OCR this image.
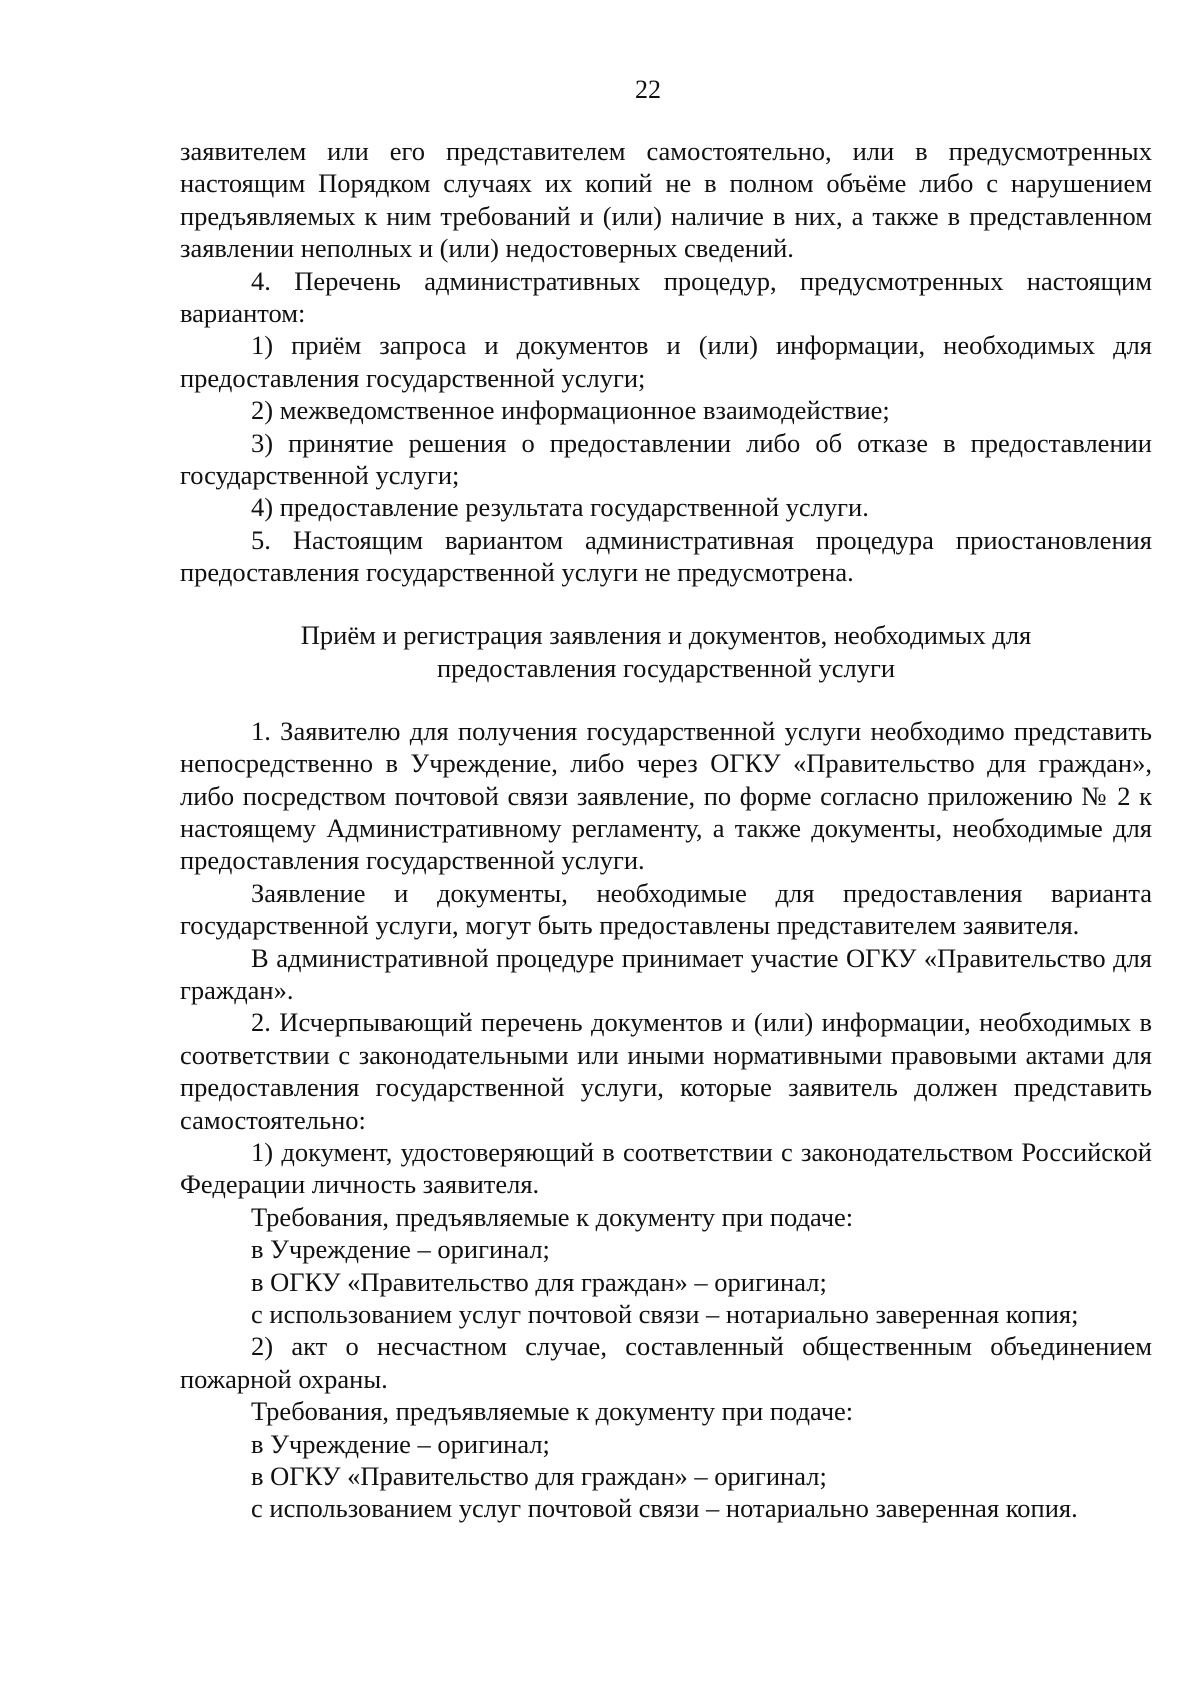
22

заявителем или его представителем самостоятельно, или в предусмотренных настоящим Порядком случаях их копий не в полном объёме либо с нарушением предъявляемых к ним требований и (или) наличие в них, а также в представленном заявлении неполных и (или) недостоверных сведений.

4. Перечень административных процедур, предусмотренных настоящим вариантом:

1) приём запроса и документов и (или) информации, необходимых для предоставления государственной услуги;

2) межведомственное информационное взаимодействие;

3) принятие решения о предоставлении либо об отказе в предоставлении государственной услуги;

4) предоставление результата государственной услуги.

5. Настоящим вариантом административная процедура приостановления предоставления государственной услуги не предусмотрена.

Приём и регистрация заявления и документов, необходимых для
предоставления государственной услуги

1. Заявителю для получения государственной услуги необходимо представить непосредственно в Учреждение, либо через ОГКУ «Правительство для граждан», либо посредством почтовой связи заявление, по форме согласно приложению № 2 к настоящему Административному регламенту, а также документы, необходимые для предоставления государственной услуги.

Заявление и документы, необходимые для предоставления варианта государственной услуги, могут быть предоставлены представителем заявителя.

В административной процедуре принимает участие ОГКУ «Правительство для граждан».

2. Исчерпывающий перечень документов и (или) информации, необходимых в соответствии с законодательными или иными нормативными правовыми актами для предоставления государственной услуги, которые заявитель должен представить самостоятельно:

1) документ, удостоверяющий в соответствии с законодательством Российской Федерации личность заявителя.

Требования, предъявляемые к документу при подаче:

в Учреждение – оригинал;

в ОГКУ «Правительство для граждан» – оригинал;

с использованием услуг почтовой связи – нотариально заверенная копия;

2) акт о несчастном случае, составленный общественным объединением пожарной охраны.

Требования, предъявляемые к документу при подаче:

в Учреждение – оригинал;

в ОГКУ «Правительство для граждан» – оригинал;

с использованием услуг почтовой связи – нотариально заверенная копия.
